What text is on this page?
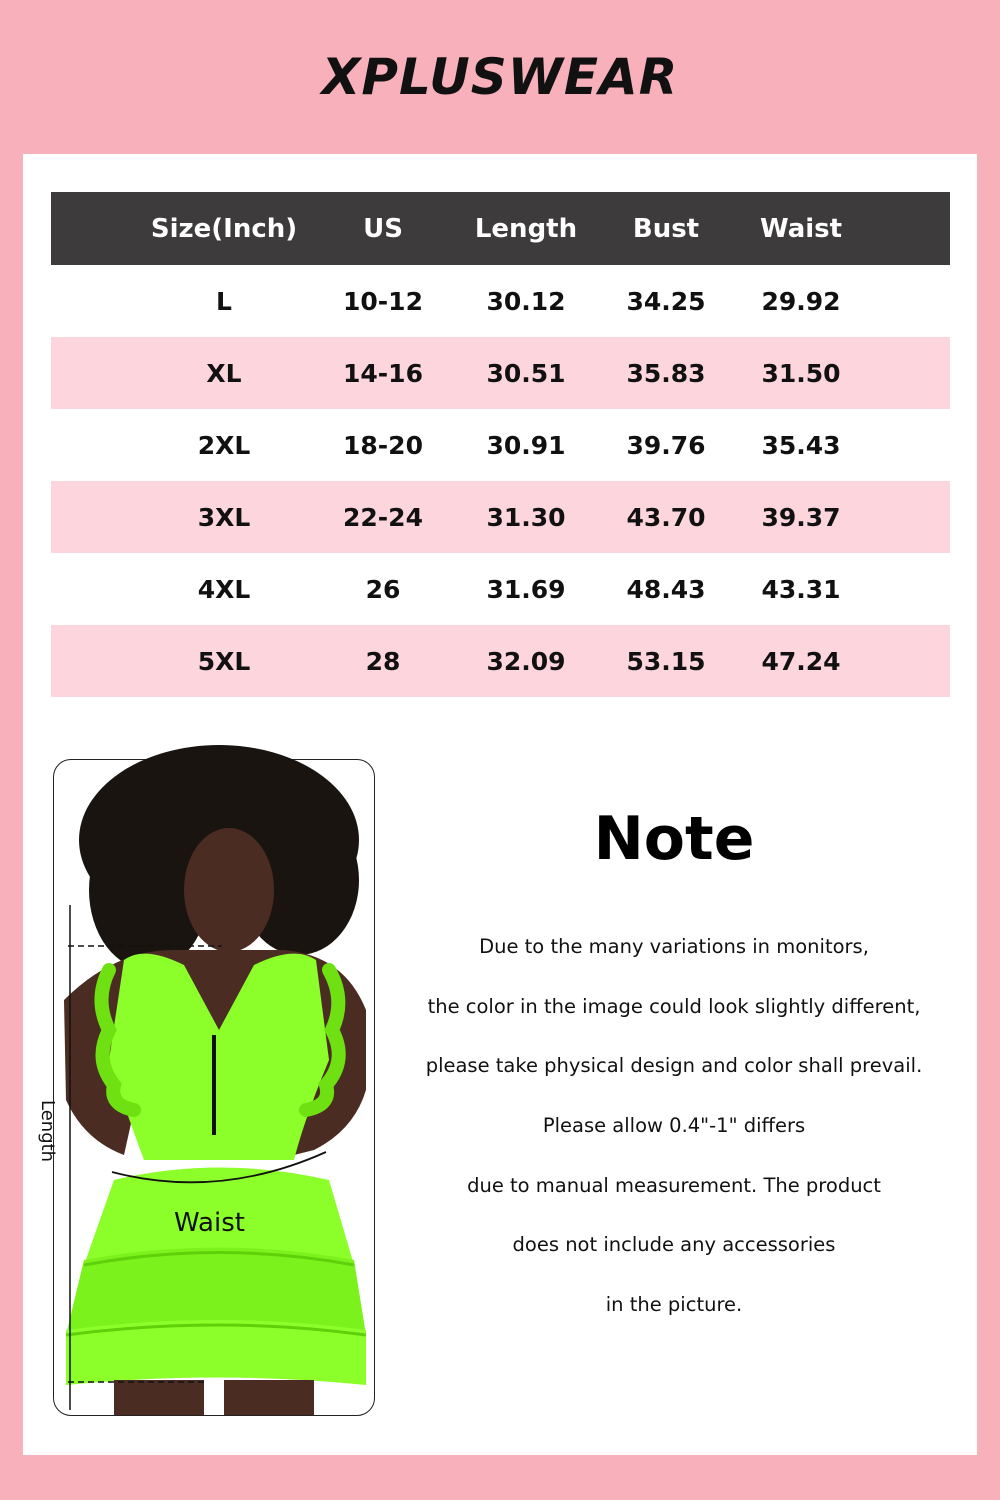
XPLUSWEAR
Size(Inch)	US	Length	Bust	Waist
L	10-12	30.12	34.25	29.92
XL	14-16	30.51	35.83	31.50
2XL	18-20	30.91	39.76	35.43
3XL	22-24	31.30	43.70	39.37
4XL	26	31.69	48.43	43.31
5XL	28	32.09	53.15	47.24
Length
Waist
Note
Due to the many variations in monitors,
the color in the image could look slightly different,
please take physical design and color shall prevail.
Please allow 0.4"-1" differs
due to manual measurement. The product
does not include any accessories
in the picture.
